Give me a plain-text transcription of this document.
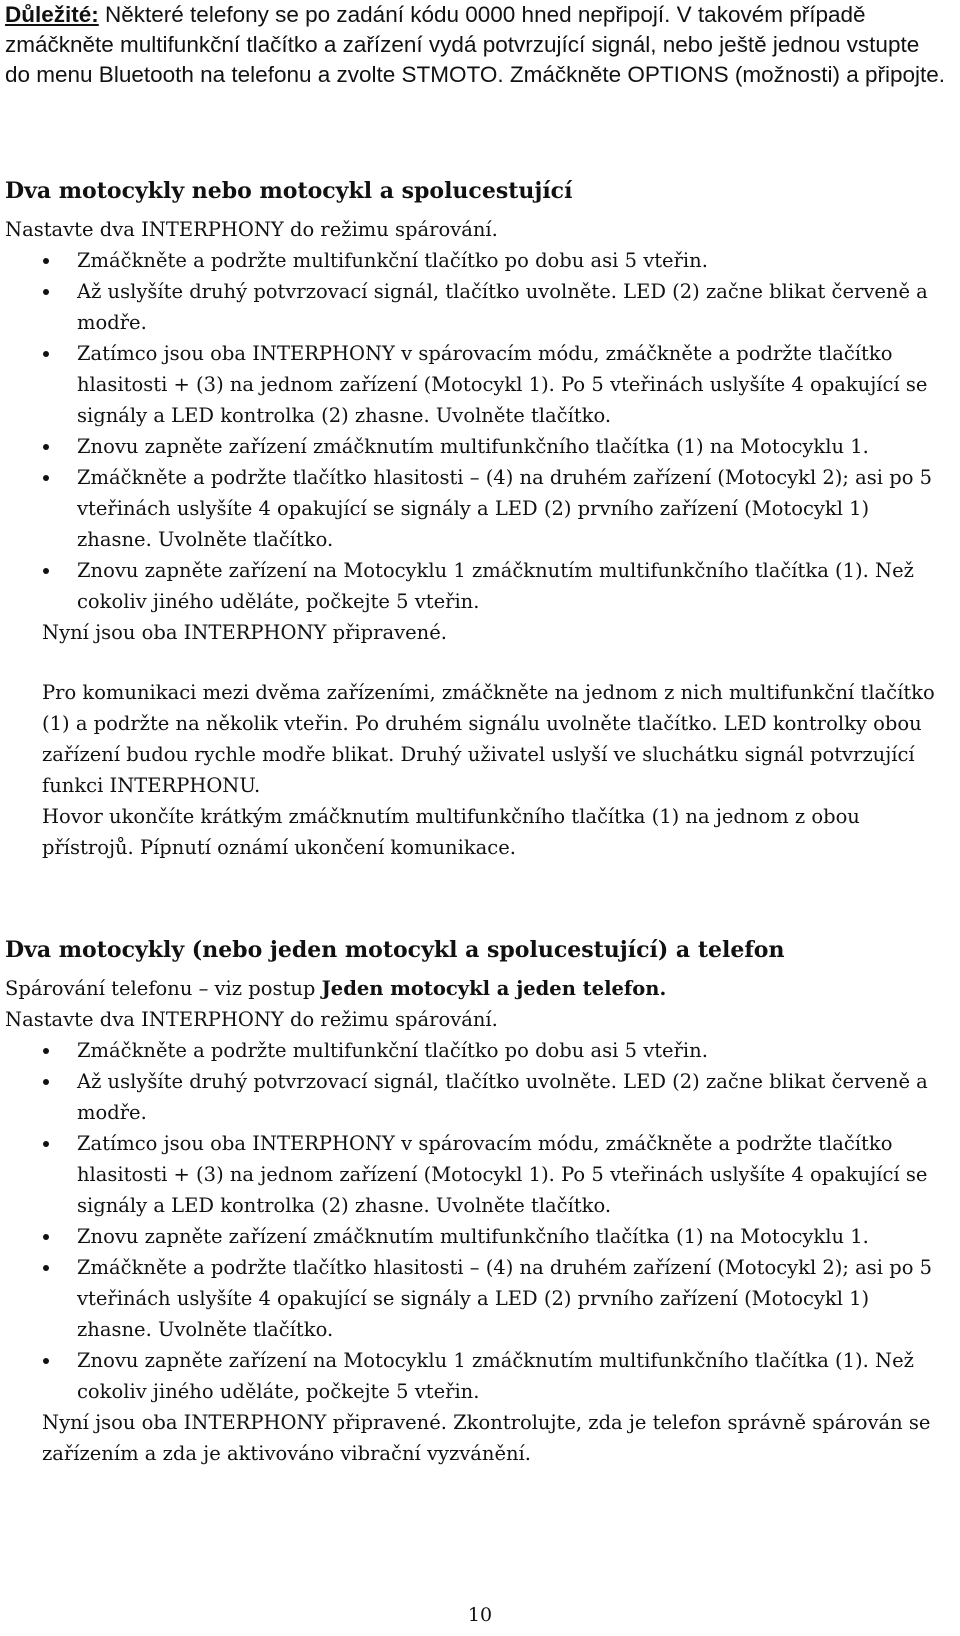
Důležité: Některé telefony se po zadání kódu 0000 hned nepřipojí. V takovém případě zmáčkněte multifunkční tlačítko a zařízení vydá potvrzující signál, nebo ještě jednou vstupte do menu Bluetooth na telefonu a zvolte STMOTO. Zmáčkněte OPTIONS (možnosti) a připojte.
Dva motocykly nebo motocykl a spolucestující

Nastavte dva INTERPHONY do režimu spárování.

Zmáčkněte a podržte multifunkční tlačítko po dobu asi 5 vteřin.
Až uslyšíte druhý potvrzovací signál, tlačítko uvolněte. LED (2) začne blikat červeně a modře.
Zatímco jsou oba INTERPHONY v spárovacím módu, zmáčkněte a podržte tlačítko hlasitosti + (3) na jednom zařízení (Motocykl 1). Po 5 vteřinách uslyšíte 4 opakující se signály a LED kontrolka (2) zhasne. Uvolněte tlačítko.
Znovu zapněte zařízení zmáčknutím multifunkčního tlačítka (1) na Motocyklu 1.
Zmáčkněte a podržte tlačítko hlasitosti – (4) na druhém zařízení (Motocykl 2); asi po 5 vteřinách uslyšíte 4 opakující se signály a LED (2) prvního zařízení (Motocykl 1) zhasne. Uvolněte tlačítko.
Znovu zapněte zařízení na Motocyklu 1 zmáčknutím multifunkčního tlačítka (1). Než cokoliv jiného uděláte, počkejte 5 vteřin.

Nyní jsou oba INTERPHONY připravené.

Pro komunikaci mezi dvěma zařízeními, zmáčkněte na jednom z nich multifunkční tlačítko (1) a podržte na několik vteřin. Po druhém signálu uvolněte tlačítko. LED kontrolky obou zařízení budou rychle modře blikat. Druhý uživatel uslyší ve sluchátku signál potvrzující funkci INTERPHONU.

Hovor ukončíte krátkým zmáčknutím multifunkčního tlačítka (1) na jednom z obou přístrojů. Pípnutí oznámí ukončení komunikace.

Dva motocykly (nebo jeden motocykl a spolucestující) a telefon

Spárování telefonu – viz postup Jeden motocykl a jeden telefon.

Nastavte dva INTERPHONY do režimu spárování.

Zmáčkněte a podržte multifunkční tlačítko po dobu asi 5 vteřin.
Až uslyšíte druhý potvrzovací signál, tlačítko uvolněte. LED (2) začne blikat červeně a modře.
Zatímco jsou oba INTERPHONY v spárovacím módu, zmáčkněte a podržte tlačítko hlasitosti + (3) na jednom zařízení (Motocykl 1). Po 5 vteřinách uslyšíte 4 opakující se signály a LED kontrolka (2) zhasne. Uvolněte tlačítko.
Znovu zapněte zařízení zmáčknutím multifunkčního tlačítka (1) na Motocyklu 1.
Zmáčkněte a podržte tlačítko hlasitosti – (4) na druhém zařízení (Motocykl 2); asi po 5 vteřinách uslyšíte 4 opakující se signály a LED (2) prvního zařízení (Motocykl 1) zhasne. Uvolněte tlačítko.
Znovu zapněte zařízení na Motocyklu 1 zmáčknutím multifunkčního tlačítka (1). Než cokoliv jiného uděláte, počkejte 5 vteřin.

Nyní jsou oba INTERPHONY připravené. Zkontrolujte, zda je telefon správně spárován se zařízením a zda je aktivováno vibrační vyzvánění.

10
